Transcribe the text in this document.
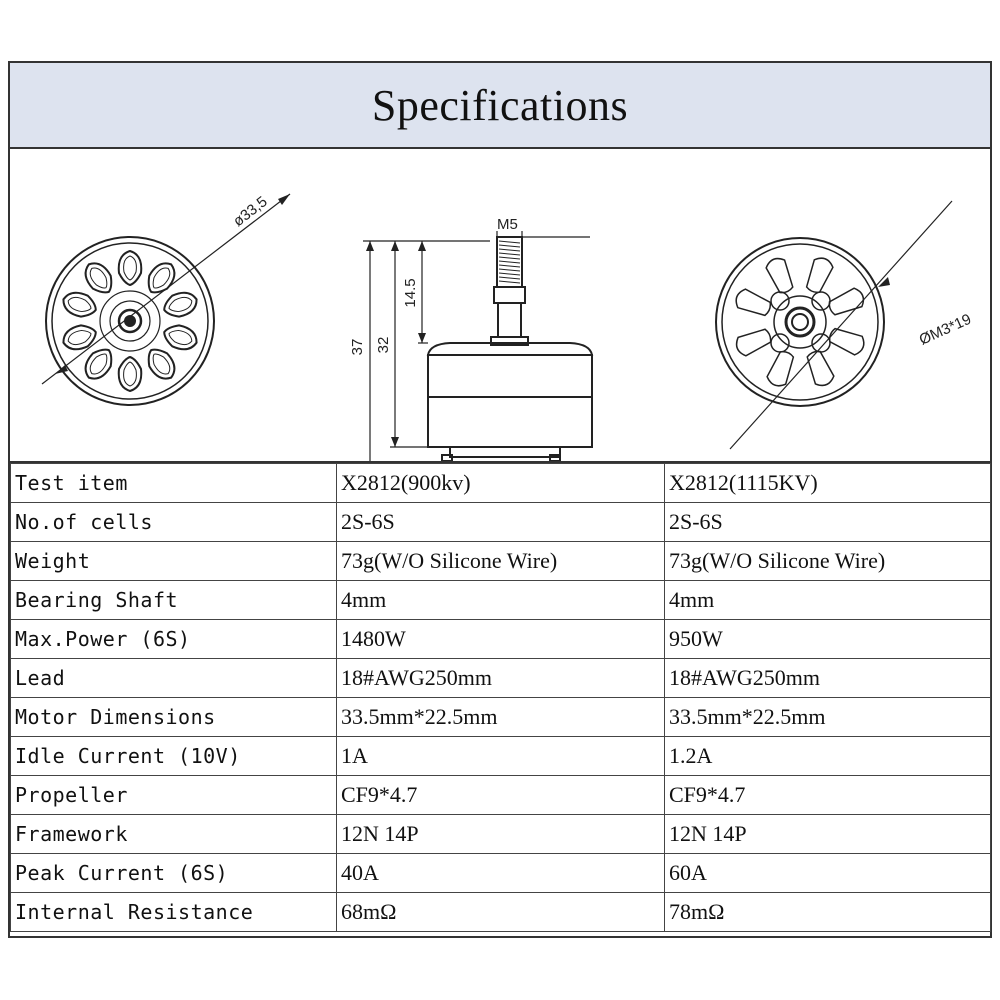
Specifications
ø33,5	M5
37 32
14.5
ØM3*19
Test item	X2812(900kv)	X2812(1115KV)
No.of cells	2S-6S	2S-6S
Weight	73g(W/O Silicone Wire)	73g(W/O Silicone Wire)
Bearing Shaft	4mm	4mm
Max.Power (6S)	1480W	950W
Lead	18#AWG250mm	18#AWG250mm
Motor Dimensions	33.5mm*22.5mm	33.5mm*22.5mm
Idle Current (10V)	1A	1.2A
Propeller	CF9*4.7	CF9*4.7
Framework	12N 14P	12N 14P
Peak Current (6S)	40A	60A
Internal Resistance	68mΩ	78mΩ
